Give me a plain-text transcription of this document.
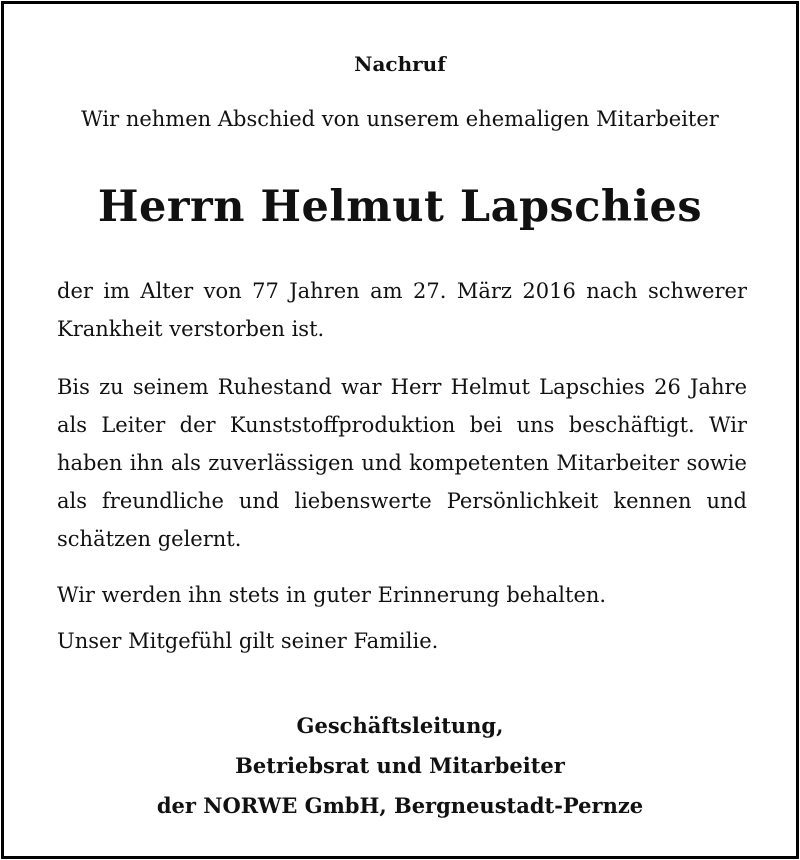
Nachruf
Wir nehmen Abschied von unserem ehemaligen Mitarbeiter
Herrn Helmut Lapschies
der im Alter von 77 Jahren am 27. März 2016 nach schwerer Krankheit verstorben ist.
Bis zu seinem Ruhestand war Herr Helmut Lapschies 26 Jahre als Leiter der Kunststoffproduktion bei uns beschäftigt. Wir haben ihn als zuverlässigen und kompetenten Mitarbeiter sowie als freundliche und liebenswerte Persönlichkeit kennen und schätzen gelernt.
Wir werden ihn stets in guter Erinnerung behalten.
Unser Mitgefühl gilt seiner Familie.
Geschäftsleitung,
Betriebsrat und Mitarbeiter
der NORWE GmbH, Bergneustadt-Pernze
